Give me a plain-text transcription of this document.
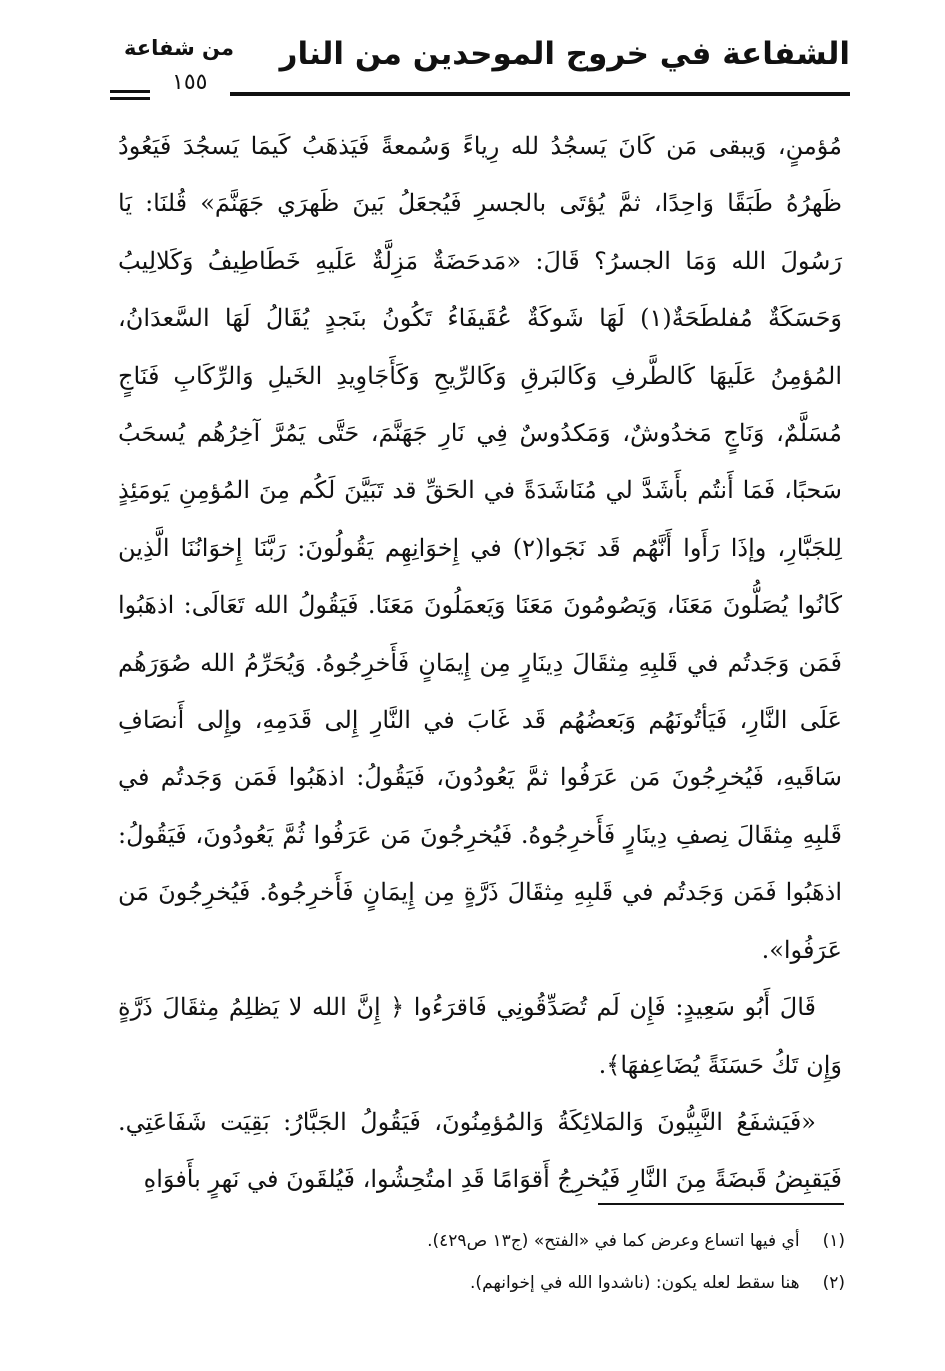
الشفاعة في خروج الموحدين من النار
من شفاعة
١٥٥

مُؤمنٍ، وَيبقى مَن كَانَ يَسجُدُ لله رِياءً وَسُمعةً فَيَذهَبُ كَيمَا يَسجُدَ فَيَعُودُ ظَهرُهُ طَبَقًا وَاحِدًا، ثمَّ يُؤتَى بالجسرِ فَيُجعَلُ بَينَ ظَهرَي جَهَنَّمَ» قُلنَا: يَا رَسُولَ الله وَمَا الجسرُ؟ قَالَ: «مَدحَضَةٌ مَزِلَّةٌ عَلَيهِ خَطَاطِيفُ وَكَلالِيبُ وَحَسَكَةٌ مُفلطَحَةٌ(١) لَهَا شَوكَةٌ عُقَيفَاءُ تَكُونُ بنَجدٍ يُقَالُ لَهَا السَّعدَانُ، المُؤمِنُ عَلَيهَا كَالطَّرفِ وَكَالبَرقِ وَكَالرِّيحِ وَكَأَجَاوِيدِ الخَيلِ وَالرِّكَابِ فَنَاجٍ مُسَلَّمٌ، وَنَاجٍ مَخدُوشٌ، وَمَكدُوسٌ فِي نَارِ جَهَنَّمَ، حَتَّى يَمُرَّ آخِرُهُم يُسحَبُ سَحبًا، فَمَا أَنتُم بأَشَدَّ لي مُنَاشَدَةً في الحَقِّ قد تَبَيَّنَ لَكُم مِنَ المُؤمِنِ يَومَئِذٍ لِلجَبَّارِ، وإذَا رَأَوا أَنَّهُم قَد نَجَوا(٢) في إِخوَانِهِم يَقُولُونَ: رَبَّنَا إِخوَانُنَا الَّذِين كَانُوا يُصَلُّونَ مَعَنَا، وَيَصُومُونَ مَعَنَا وَيَعمَلُونَ مَعَنَا. فَيَقُولُ الله تَعَالَى: اذهَبُوا فَمَن وَجَدتُم في قَلبِهِ مِثقَالَ دِينَارٍ مِن إِيمَانٍ فَأَخرِجُوهُ. وَيُحَرِّمُ الله صُوَرَهُم عَلَى النَّارِ، فَيَأتُونَهُم وَبَعضُهُم قَد غَابَ في النَّارِ إِلى قَدَمِهِ، وإِلى أَنصَافِ سَاقَيهِ، فَيُخرِجُونَ مَن عَرَفُوا ثمَّ يَعُودُونَ، فَيَقُولُ: اذهَبُوا فَمَن وَجَدتُم في قَلبِهِ مِثقَالَ نِصفِ دِينَارٍ فَأَخرِجُوهُ. فَيُخرِجُونَ مَن عَرَفُوا ثُمَّ يَعُودُونَ، فَيَقُولُ: اذهَبُوا فَمَن وَجَدتُم في قَلبِهِ مِثقَالَ ذَرَّةٍ مِن إِيمَانٍ فَأَخرِجُوهُ. فَيُخرِجُونَ مَن عَرَفُوا».

قَالَ أَبُو سَعِيدٍ: فَإِن لَم تُصَدِّقُونِي فَاقرَءُوا ﴿ إِنَّ الله لا يَظلِمُ مِثقَالَ ذَرَّةٍ وَإِن تَكُ حَسَنَةً يُضَاعِفهَا﴾.

«فَيَشفَعُ النَّبِيُّونَ وَالمَلائِكَةُ وَالمُؤمِنُونَ، فَيَقُولُ الجَبَّارُ: بَقِيَت شَفَاعَتِي. فَيَقبِضُ قَبضَةً مِنَ النَّارِ فَيُخرِجُ أَقوَامًا قَدِ امتُحِشُوا، فَيُلقَونَ في نَهرٍ بأَفوَاهِ

(١) أي فيها اتساع وعرض كما في «الفتح» (ج١٣ ص٤٢٩).
(٢) هنا سقط لعله يكون: (ناشدوا الله في إخوانهم).
